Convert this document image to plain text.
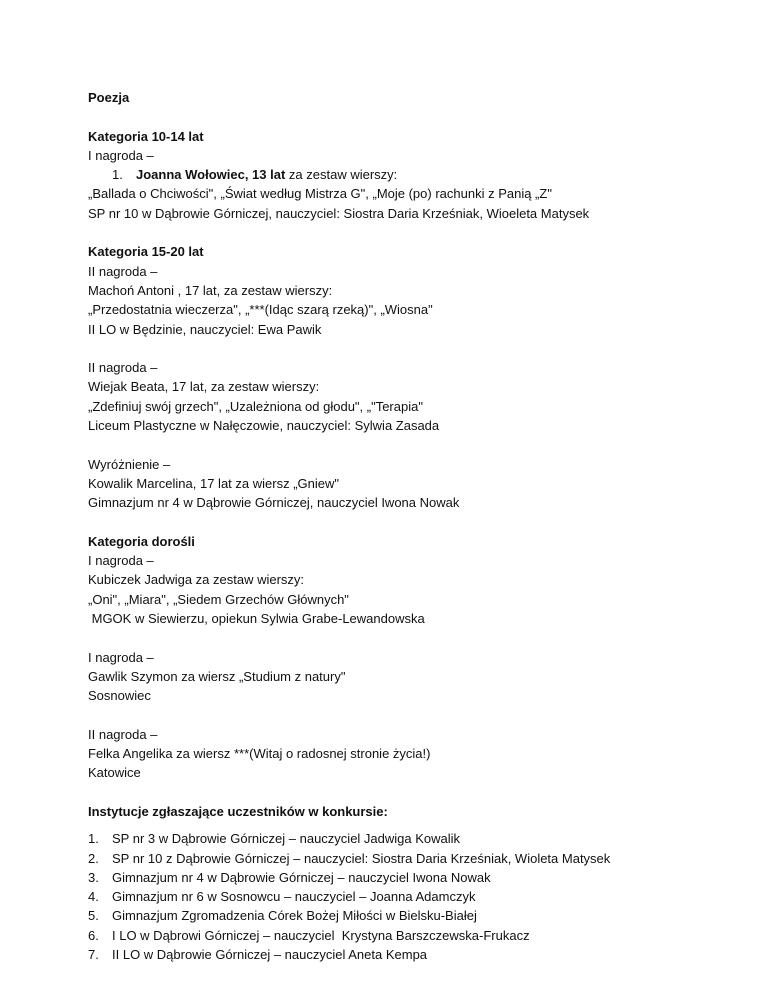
Poezja
Kategoria 10-14 lat
I nagroda –
1.	Joanna Wołowiec, 13 lat za zestaw wierszy:
„Ballada o Chciwości", „Świat według Mistrza G", „Moje (po) rachunki z Panią „Z"
SP nr 10 w Dąbrowie Górniczej, nauczyciel: Siostra Daria Krześniak, Wioeleta Matysek
Kategoria 15-20 lat
II nagroda –
Machoń Antoni , 17 lat, za zestaw wierszy:
„Przedostatnia wieczerza", „***(Idąc szarą rzeką)", „Wiosna"
II LO w Będzinie, nauczyciel: Ewa Pawik
II nagroda –
Wiejak Beata, 17 lat, za zestaw wierszy:
„Zdefiniuj swój grzech", „Uzależniona od głodu", „"Terapia"
Liceum Plastyczne w Nałęczowie, nauczyciel: Sylwia Zasada
Wyróżnienie –
Kowalik Marcelina, 17 lat za wiersz „Gniew"
Gimnazjum nr 4 w Dąbrowie Górniczej, nauczyciel Iwona Nowak
Kategoria dorośli
I nagroda –
Kubiczek Jadwiga za zestaw wierszy:
„Oni", „Miara", „Siedem Grzechów Głównych"
MGOK w Siewierzu, opiekun Sylwia Grabe-Lewandowska
I nagroda –
Gawlik Szymon za wiersz „Studium z natury"
Sosnowiec
II nagroda –
Felka Angelika za wiersz ***(Witaj o radosnej stronie życia!)
Katowice
Instytucje zgłaszające uczestników w konkursie:
1.	SP nr 3 w Dąbrowie Górniczej – nauczyciel Jadwiga Kowalik
2.	SP nr 10 z Dąbrowie Górniczej – nauczyciel: Siostra Daria Krześniak, Wioleta Matysek
3.	Gimnazjum nr 4 w Dąbrowie Górniczej – nauczyciel Iwona Nowak
4.	Gimnazjum nr 6 w Sosnowcu – nauczyciel – Joanna Adamczyk
5.	Gimnazjum Zgromadzenia Córek Bożej Miłości w Bielsku-Białej
6.	I LO w Dąbrowi Górniczej – nauczyciel  Krystyna Barszczewska-Frukacz
7.	II LO w Dąbrowie Górniczej – nauczyciel Aneta Kempa
